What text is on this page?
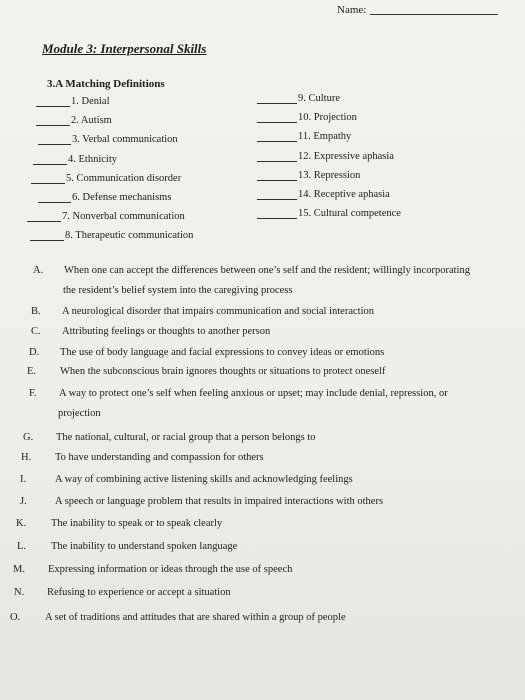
Name:
Module 3: Interpersonal Skills
3.A Matching Definitions
1. Denial
2. Autism
3. Verbal communication
4. Ethnicity
5. Communication disorder
6. Defense mechanisms
7. Nonverbal communication
8. Therapeutic communication
9. Culture
10. Projection
11. Empathy
12. Expressive aphasia
13. Repression
14. Receptive aphasia
15. Cultural competence
A. When one can accept the differences between one’s self and the resident; willingly incorporating
the resident’s belief system into the caregiving process
B. A neurological disorder that impairs communication and social interaction
C. Attributing feelings or thoughts to another person
D. The use of body language and facial expressions to convey ideas or emotions
E. When the subconscious brain ignores thoughts or situations to protect oneself
F. A way to protect one’s self when feeling anxious or upset; may include denial, repression, or
projection
G. The national, cultural, or racial group that a person belongs to
H. To have understanding and compassion for others
I.	A way of combining active listening skills and acknowledging feelings
J.	A speech or language problem that results in impaired interactions with others
K. The inability to speak or to speak clearly
L. The inability to understand spoken language
M. Expressing information or ideas through the use of speech
N. Refusing to experience or accept a situation
O. A set of traditions and attitudes that are shared within a group of people
